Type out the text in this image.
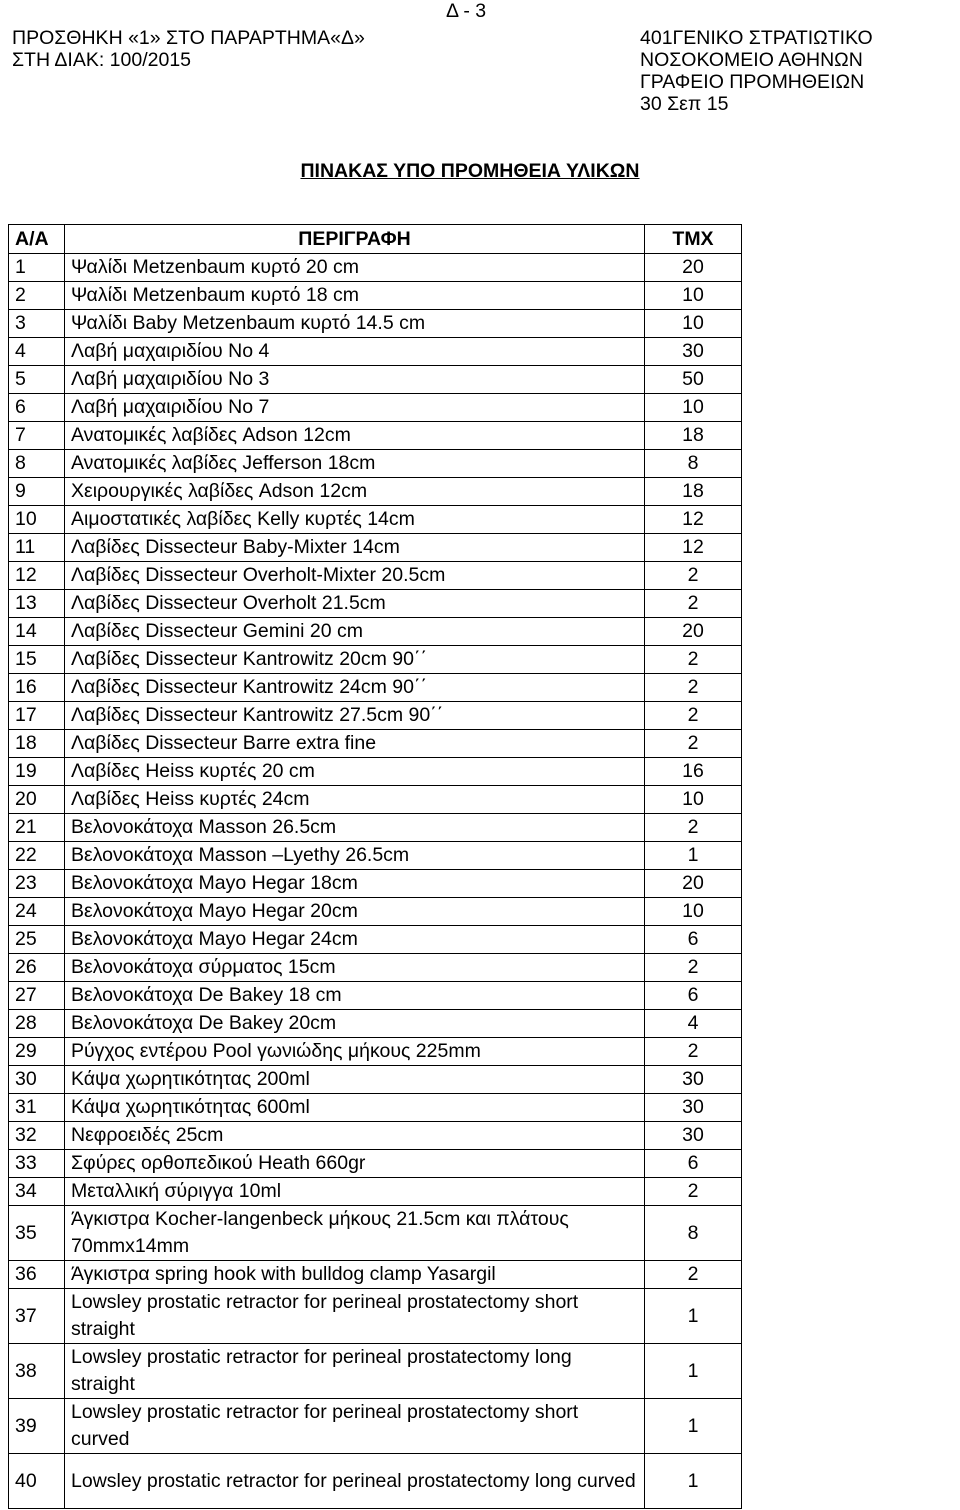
Δ - 3
ΠΡΟΣΘΗΚΗ «1» ΣΤΟ ΠΑΡΑΡΤΗΜΑ«Δ»
ΣΤΗ ΔΙΑΚ: 100/2015
401ΓΕΝΙΚΟ ΣΤΡΑΤΙΩΤΙΚΟ
ΝΟΣΟΚΟΜΕΙΟ ΑΘΗΝΩΝ
ΓΡΑΦΕΙΟ ΠΡΟΜΗΘΕΙΩΝ
30 Σεπ 15
ΠΙΝΑΚΑΣ ΥΠΟ ΠΡΟΜΗΘΕΙΑ ΥΛΙΚΩΝ
Α/Α	ΠΕΡΙΓΡΑΦΗ	ΤΜΧ
1	Ψαλίδι Metzenbaum κυρτό 20 cm	20
2	Ψαλίδι Metzenbaum κυρτό 18 cm	10
3	Ψαλίδι Baby Metzenbaum κυρτό 14.5 cm	10
4	Λαβή μαχαιριδίου Νο 4	30
5	Λαβή μαχαιριδίου Νο 3	50
6	Λαβή μαχαιριδίου Νο 7	10
7	Ανατομικές λαβίδες Adson 12cm	18
8	Ανατομικές λαβίδες Jefferson 18cm	8
9	Χειρουργικές λαβίδες Adson 12cm	18
10	Αιμοστατικές λαβίδες Kelly κυρτές 14cm	12
11	Λαβίδες Dissecteur Baby-Mixter 14cm	12
12	Λαβίδες Dissecteur Overholt-Mixter 20.5cm	2
13	Λαβίδες Dissecteur Overholt 21.5cm	2
14	Λαβίδες Dissecteur Gemini 20 cm	20
15	Λαβίδες Dissecteur Kantrowitz 20cm 90΄΄	2
16	Λαβίδες Dissecteur Kantrowitz 24cm 90΄΄	2
17	Λαβίδες Dissecteur Kantrowitz 27.5cm 90΄΄	2
18	Λαβίδες Dissecteur Barre extra fine	2
19	Λαβίδες Heiss κυρτές 20 cm	16
20	Λαβίδες Heiss κυρτές 24cm	10
21	Βελονοκάτοχα Masson 26.5cm	2
22	Βελονοκάτοχα Masson –Lyethy 26.5cm	1
23	Βελονοκάτοχα Mayo Hegar 18cm	20
24	Βελονοκάτοχα Mayo Hegar 20cm	10
25	Βελονοκάτοχα Mayo Hegar 24cm	6
26	Βελονοκάτοχα σύρματος 15cm	2
27	Βελονοκάτοχα De Bakey 18 cm	6
28	Βελονοκάτοχα De Bakey 20cm	4
29	Ρύγχος εντέρου Pool γωνιώδης μήκους 225mm	2
30	Κάψα χωρητικότητας 200ml	30
31	Κάψα χωρητικότητας 600ml	30
32	Νεφροειδές 25cm	30
33	Σφύρες ορθοπεδικού Heath 660gr	6
34	Μεταλλική σύριγγα 10ml	2
35	Άγκιστρα Kocher-langenbeck μήκους 21.5cm και πλάτους 70mmx14mm	8
36	Άγκιστρα spring hook with bulldog clamp Yasargil	2
37	Lowsley prostatic retractor for perineal prostatectomy short straight	1
38	Lowsley prostatic retractor for perineal prostatectomy long straight	1
39	Lowsley prostatic retractor for perineal prostatectomy short curved	1
40	Lowsley prostatic retractor for perineal prostatectomy long curved	1
